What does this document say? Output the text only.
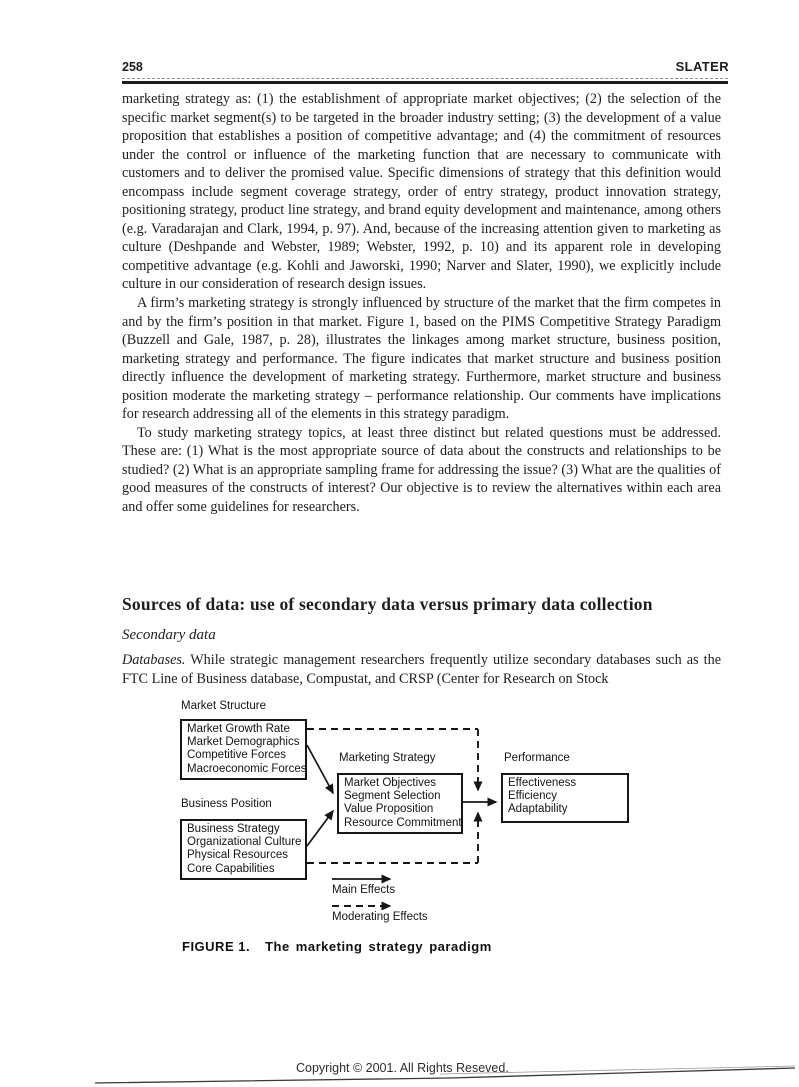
258	SLATER

marketing strategy as: (1) the establishment of appropriate market objectives; (2) the selection of the specific market segment(s) to be targeted in the broader industry setting; (3) the development of a value proposition that establishes a position of competitive advantage; and (4) the commitment of resources under the control or influence of the marketing function that are necessary to communicate with customers and to deliver the promised value. Specific dimensions of strategy that this definition would encompass include segment coverage strategy, order of entry strategy, product innovation strategy, positioning strategy, product line strategy, and brand equity development and maintenance, among others (e.g. Varadarajan and Clark, 1994, p. 97). And, because of the increasing attention given to marketing as culture (Deshpande and Webster, 1989; Webster, 1992, p. 10) and its apparent role in developing competitive advantage (e.g. Kohli and Jaworski, 1990; Narver and Slater, 1990), we explicitly include culture in our consideration of research design issues.

A firm’s marketing strategy is strongly influenced by structure of the market that the firm competes in and by the firm’s position in that market. Figure 1, based on the PIMS Competitive Strategy Paradigm (Buzzell and Gale, 1987, p. 28), illustrates the linkages among market structure, business position, marketing strategy and performance. The figure indicates that market structure and business position directly influence the development of marketing strategy. Furthermore, market structure and business position moderate the marketing strategy – performance relationship. Our comments have implications for research addressing all of the elements in this strategy paradigm.

To study marketing strategy topics, at least three distinct but related questions must be addressed. These are: (1) What is the most appropriate source of data about the constructs and relationships to be studied? (2) What is an appropriate sampling frame for addressing the issue? (3) What are the qualities of good measures of the constructs of interest? Our objective is to review the alternatives within each area and offer some guidelines for researchers.

Sources of data: use of secondary data versus primary data collection
Secondary data
Databases. While strategic management researchers frequently utilize secondary databases such as the FTC Line of Business database, Compustat, and CRSP (Center for Research on Stock
Market Structure
Market Growth Rate
Market Demographics
Competitive Forces
Macroeconomic Forces
Business Position
Business Strategy
Organizational Culture
Physical Resources
Core Capabilities
Marketing Strategy
Market Objectives
Segment Selection
Value Proposition
Resource Commitment
Performance
Effectiveness
Efficiency
Adaptability
Main Effects
Moderating Effects
FIGURE 1. The marketing strategy paradigm
Copyright © 2001. All Rights Reseved.
